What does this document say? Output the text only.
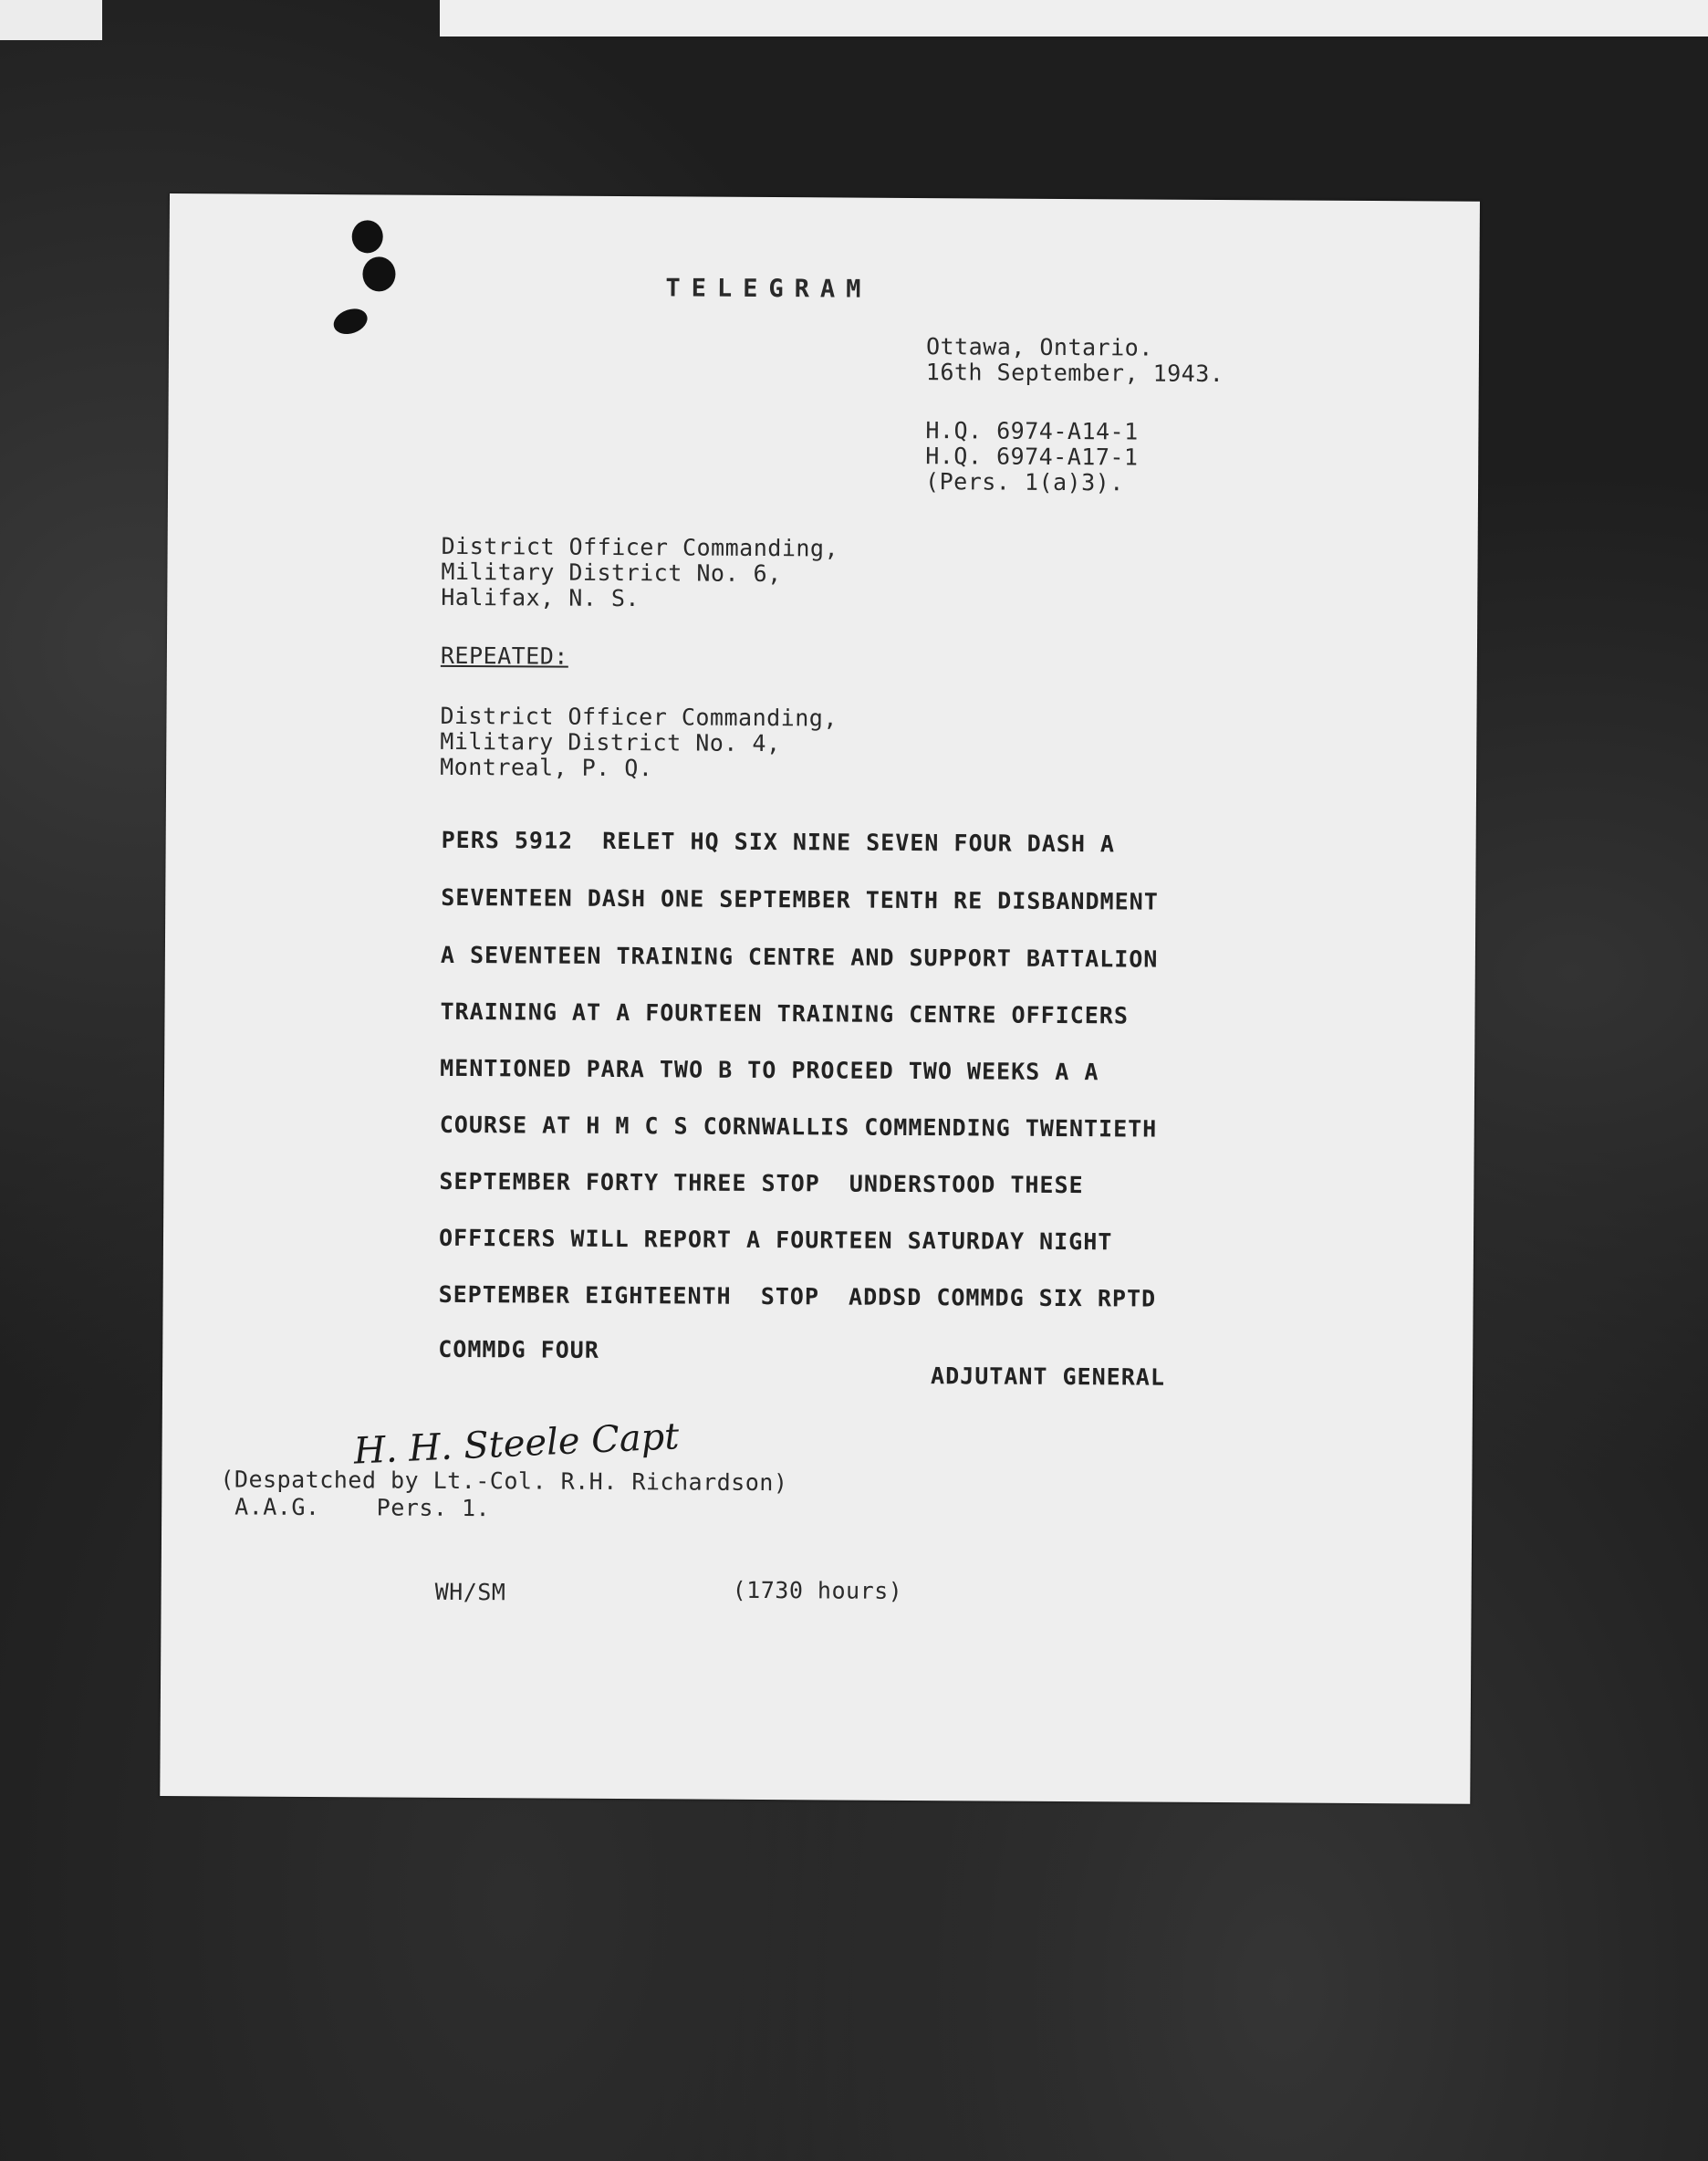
TELEGRAM
Ottawa, Ontario.
16th September, 1943.
H.Q. 6974-A14-1
H.Q. 6974-A17-1
(Pers. 1(a)3).
District Officer Commanding,
Military District No. 6,
Halifax, N. S.
REPEATED:
District Officer Commanding,
Military District No. 4,
Montreal, P. Q.
PERS 5912  RELET HQ SIX NINE SEVEN FOUR DASH A
SEVENTEEN DASH ONE SEPTEMBER TENTH RE DISBANDMENT
A SEVENTEEN TRAINING CENTRE AND SUPPORT BATTALION
TRAINING AT A FOURTEEN TRAINING CENTRE OFFICERS
MENTIONED PARA TWO B TO PROCEED TWO WEEKS A A
COURSE AT H M C S CORNWALLIS COMMENDING TWENTIETH
SEPTEMBER FORTY THREE STOP  UNDERSTOOD THESE
OFFICERS WILL REPORT A FOURTEEN SATURDAY NIGHT
SEPTEMBER EIGHTEENTH  STOP  ADDSD COMMDG SIX RPTD
COMMDG FOUR
ADJUTANT GENERAL
H. H. Steele Capt
(Despatched by Lt.-Col. R.H. Richardson)
A.A.G.    Pers. 1.
WH/SM	(1730 hours)
